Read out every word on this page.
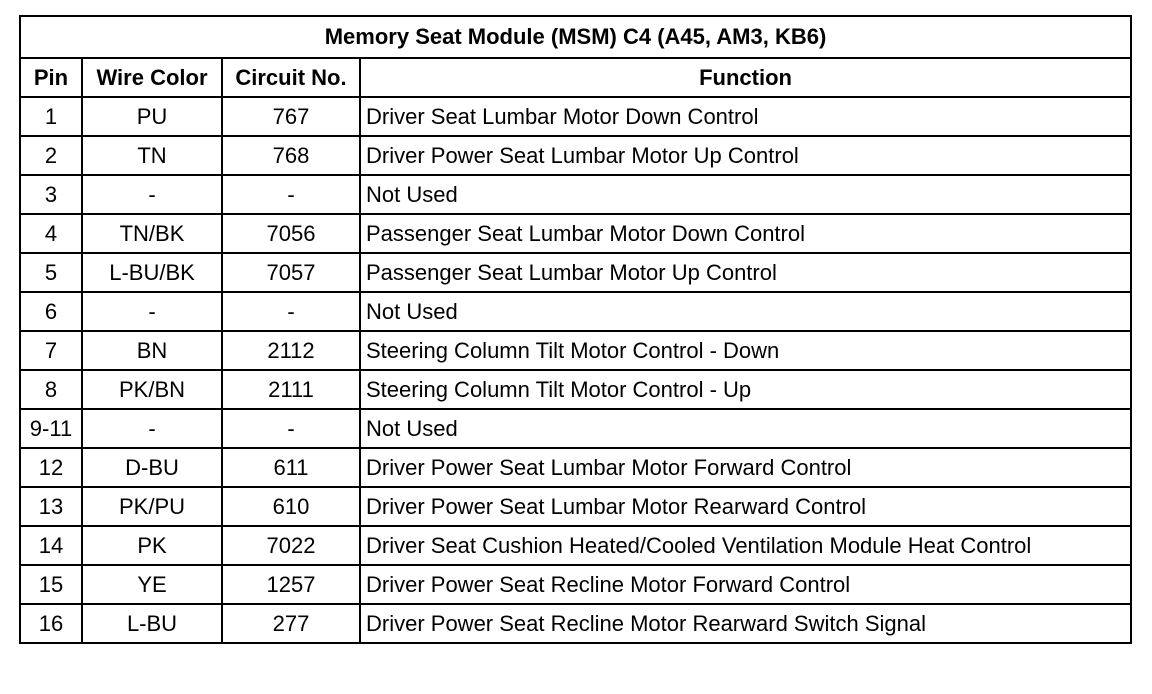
Memory Seat Module (MSM) C4 (A45, AM3, KB6)			
Pin	Wire Color	Circuit No.	Function
1	PU	767	Driver Seat Lumbar Motor Down Control
2	TN	768	Driver Power Seat Lumbar Motor Up Control
3	-	-	Not Used
4	TN/BK	7056	Passenger Seat Lumbar Motor Down Control
5	L-BU/BK	7057	Passenger Seat Lumbar Motor Up Control
6	-	-	Not Used
7	BN	2112	Steering Column Tilt Motor Control - Down
8	PK/BN	2111	Steering Column Tilt Motor Control - Up
9-11	-	-	Not Used
12	D-BU	611	Driver Power Seat Lumbar Motor Forward Control
13	PK/PU	610	Driver Power Seat Lumbar Motor Rearward Control
14	PK	7022	Driver Seat Cushion Heated/Cooled Ventilation Module Heat Control
15	YE	1257	Driver Power Seat Recline Motor Forward Control
16	L-BU	277	Driver Power Seat Recline Motor Rearward Switch Signal
